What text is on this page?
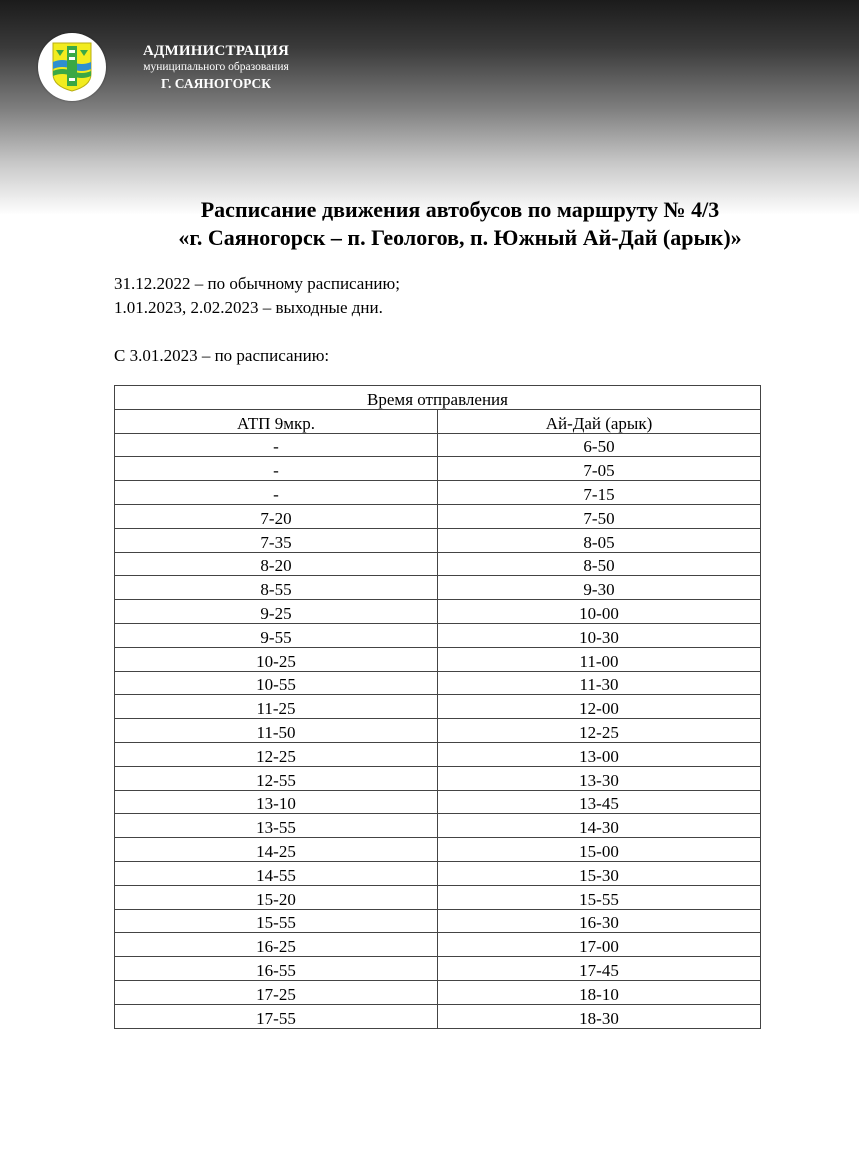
АДМИНИСТРАЦИЯ
муниципального образования
Г. САЯНОГОРСК
Расписание движения автобусов по маршруту № 4/3
«г. Саяногорск – п. Геологов, п. Южный Ай-Дай (арык)»
31.12.2022 – по обычному расписанию;
1.01.2023, 2.02.2023 – выходные дни.
С 3.01.2023 – по расписанию:
Время отправления	
АТП 9мкр.	Ай-Дай (арык)
-	6-50
-	7-05
-	7-15
7-20	7-50
7-35	8-05
8-20	8-50
8-55	9-30
9-25	10-00
9-55	10-30
10-25	11-00
10-55	11-30
11-25	12-00
11-50	12-25
12-25	13-00
12-55	13-30
13-10	13-45
13-55	14-30
14-25	15-00
14-55	15-30
15-20	15-55
15-55	16-30
16-25	17-00
16-55	17-45
17-25	18-10
17-55	18-30
